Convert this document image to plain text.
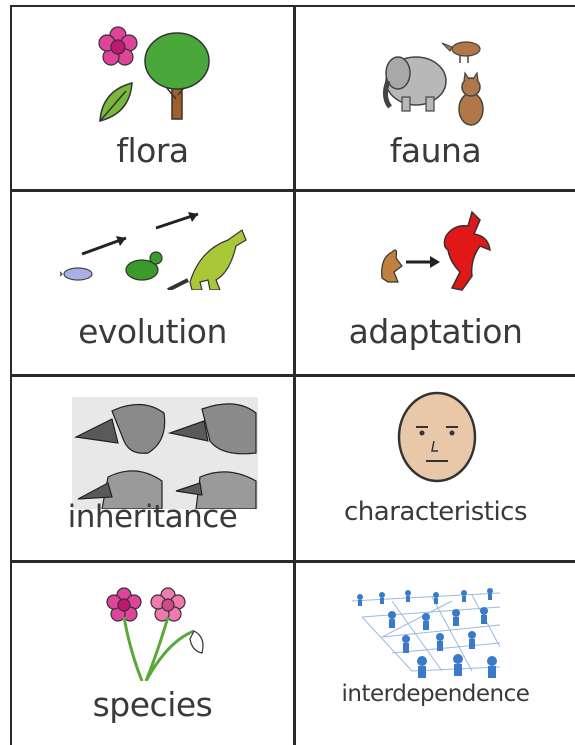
flora	fauna
evolution	adaptation
inheritance	characteristics
species	interdependence
